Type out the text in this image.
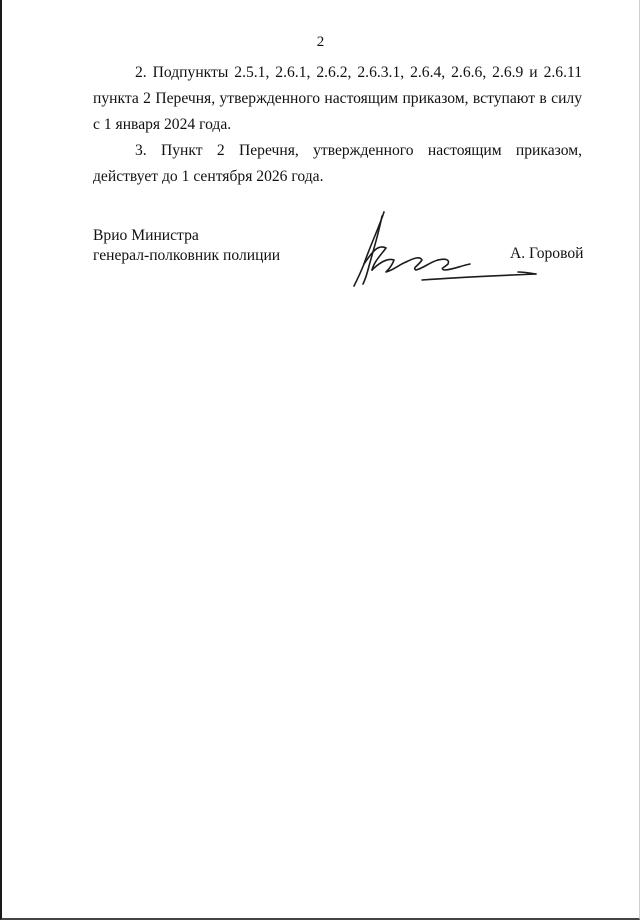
2

2. Подпункты 2.5.1, 2.6.1, 2.6.2, 2.6.3.1, 2.6.4, 2.6.6, 2.6.9 и 2.6.11 пункта 2 Перечня, утвержденного настоящим приказом, вступают в силу с 1 января 2024 года.

3. Пункт 2 Перечня, утвержденного настоящим приказом, действует до 1 сентября 2026 года.

Врио Министра
генерал-полковник полиции	А. Горовой
